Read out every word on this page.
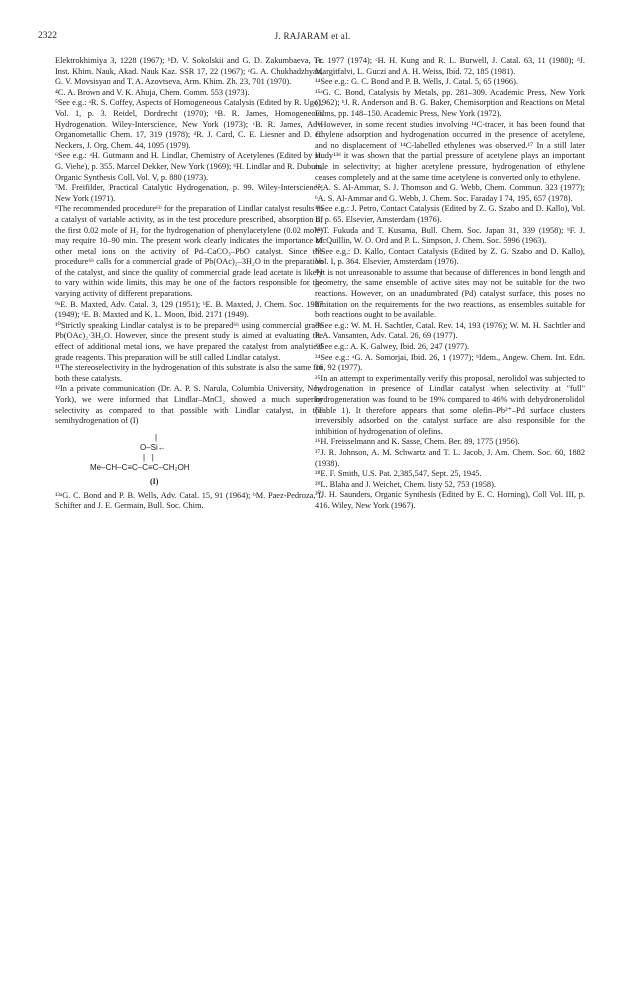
2322	J. RAJARAM et al.

Elektrokhimiya 3, 1228 (1967); ᵇD. V. Sokolskii and G. D. Zakumbaeva, Tr. Inst. Khim. Nauk, Akad. Nauk Kaz. SSR 17, 22 (1967); ᶜG. A. Chukhadzhyan, G. V. Movsisyan and T. A. Azovtseva, Arm. Khim. Zh. 23, 701 (1970).

⁴C. A. Brown and V. K. Ahuja, Chem. Comm. 553 (1973).

⁵See e.g.: ᵃR. S. Coffey, Aspects of Homogeneous Catalysis (Edited by R. Ugo), Vol. 1, p. 3. Reidel, Dordrecht (1970); ᵇB. R. James, Homogeneous Hydrogenation. Wiley-Interscience, New York (1973); ᶜB. R. James, Adv. Organometallic Chem. 17, 319 (1978); ᵈR. J. Card, C. E. Liesner and D. C. Neckers, J. Org. Chem. 44, 1095 (1979).

⁶See e.g.: ᵃH. Gutmann and H. Lindlar, Chemistry of Acetylenes (Edited by H. G. Viehe), p. 355. Marcel Dekker, New York (1969); ᵇH. Lindlar and R. Dubuis, Organic Synthesis Coll. Vol. V, p. 880 (1973).

⁷M. Freifilder, Practical Catalytic Hydrogenation, p. 99. Wiley-Interscience, New York (1971).

⁸The recommended procedure⁶ᵇ for the preparation of Lindlar catalyst results in a catalyst of variable activity, as in the test procedure prescribed, absorption of the first 0.02 mole of H₂ for the hydrogenation of phenylacetylene (0.02 mole) may require 10–90 min. The present work clearly indicates the importance of other metal ions on the activity of Pd–CaCO₃–PbO catalyst. Since the procedure⁶ᵇ calls for a commercial grade of Pb(OAc)₂–3H₂O in the preparation of the catalyst, and since the quality of commercial grade lead acetate is likely to vary within wide limits, this may be one of the factors responsible for the varying activity of different preparations.

⁹ᵃE. B. Maxted, Adv. Catal. 3, 129 (1951); ᵇE. B. Maxted, J. Chem. Soc. 1987 (1949); ᶜE. B. Maxted and K. L. Moon, Ibid. 2171 (1949).

¹⁰Strictly speaking Lindlar catalyst is to be prepared⁶ᵇ using commercial grade Pb(OAc)₂·3H₂O. However, since the present study is aimed at evaluating the effect of additional metal ions, we have prepared the catalyst from analytical grade reagents. This preparation will be still called Lindlar catalyst.

¹¹The stereoselectivity in the hydrogenation of this substrate is also the same for both these catalysts.

¹²In a private communication (Dr. A. P. S. Narula, Columbia University, New York), we were informed that Lindlar–MnCl₂ showed a much superior selectivity as compared to that possible with Lindlar catalyst, in the semihydrogenation of (I)

|
O–Si←
|   |
Me–CH–C≡C–C≡C–CH₂OH
(I)

¹³ᵃG. C. Bond and P. B. Wells, Adv. Catal. 15, 91 (1964); ᵇM. Paez-Pedroza, I. Schifter and J. E. Germain, Bull. Soc. Chim.

Fr. 1977 (1974); ᶜH. H. Kung and R. L. Burwell, J. Catal. 63, 11 (1980); ᵈJ. Margitfalvi, L. Guczi and A. H. Weiss, Ibid. 72, 185 (1981).

¹⁴See e.g.: G. C. Bond and P. B. Wells, J. Catal. 5, 65 (1966).

¹⁵ᵃG. C. Bond, Catalysis by Metals, pp. 281–309. Academic Press, New York (1962); ᵇJ. R. Anderson and B. G. Baker, Chemisorption and Reactions on Metal Films, pp. 148–150. Academic Press, New York (1972).

¹⁶However, in some recent studies involving ¹⁴C-tracer, it has been found that ethylene adsorption and hydrogenation occurred in the presence of acetylene, and no displacement of ¹⁴C-labelled ethylenes was observed.¹⁷ In a still later study¹³ᵈ it was shown that the partial pressure of acetylene plays an important role in selectivity; at higher acetylene pressure, hydrogenation of ethylene ceases completely and at the same time acetylene is converted only to ethylene.

¹⁷ᵃA. S. Al-Ammar, S. J. Thomson and G. Webb, Chem. Commun. 323 (1977); ᵇA. S. Al-Ammar and G. Webb, J. Chem. Soc. Faraday I 74, 195, 657 (1978).

¹⁸See e.g.: J. Petro, Contact Catalysis (Edited by Z. G. Szabo and D. Kallo), Vol. II, p. 65. Elsevier, Amsterdam (1976).

¹⁹ᵃT. Fukuda and T. Kusama, Bull. Chem. Soc. Japan 31, 339 (1958); ᵇF. J. McQuillin, W. O. Ord and P. L. Simpson, J. Chem. Soc. 5996 (1963).

²⁰See e.g.: D. Kallo, Contact Catalysis (Edited by Z. G. Szabo and D. Kallo), Vol. I, p. 364. Elsevier, Amsterdam (1976).

²¹It is not unreasonable to assume that because of differences in bond length and geometry, the same ensemble of active sites may not be suitable for the two reactions. However, on an unadumbrated (Pd) catalyst surface, this poses no limitation on the requirements for the two reactions, as ensembles suitable for both reactions ought to be available.

²²See e.g.: W. M. H. Sachtler, Catal. Rev. 14, 193 (1976); W. M. H. Sachtler and P. A. Vansanten, Adv. Catal. 26, 69 (1977).

²³See e.g.: A. K. Galwey, Ibid. 26, 247 (1977).

²⁴See e.g.: ᵃG. A. Somorjai, Ibid. 26, 1 (1977); ᵇIdem., Angew. Chem. Int. Edn. 16, 92 (1977).

²⁵In an attempt to experimentally verify this proposal, nerolidol was subjected to hydrogenation in presence of Lindlar catalyst when selectivity at "full" hydrogeneration was found to be 19% compared to 46% with dehydronerolidol (Table 1). It therefore appears that some olefin–Pb²⁺–Pd surface clusters irreversibly adsorbed on the catalyst surface are also responsible for the inhibition of hydrogenation of olefins.

²⁶H. Freisselmann and K. Sasse, Chem. Ber. 89, 1775 (1956).

²⁷J. R. Johnson, A. M. Schwartz and T. L. Jacob, J. Am. Chem. Soc. 60, 1882 (1938).

²⁸E. F. Smith, U.S. Pat. 2,385,547, Sept. 25, 1945.

²⁹L. Blaha and J. Weichet, Chem. listy 52, 753 (1958).

³⁰J. H. Saunders, Organic Synthesis (Edited by E. C. Horning), Coll Vol. III, p. 416. Wiley, New York (1967).
